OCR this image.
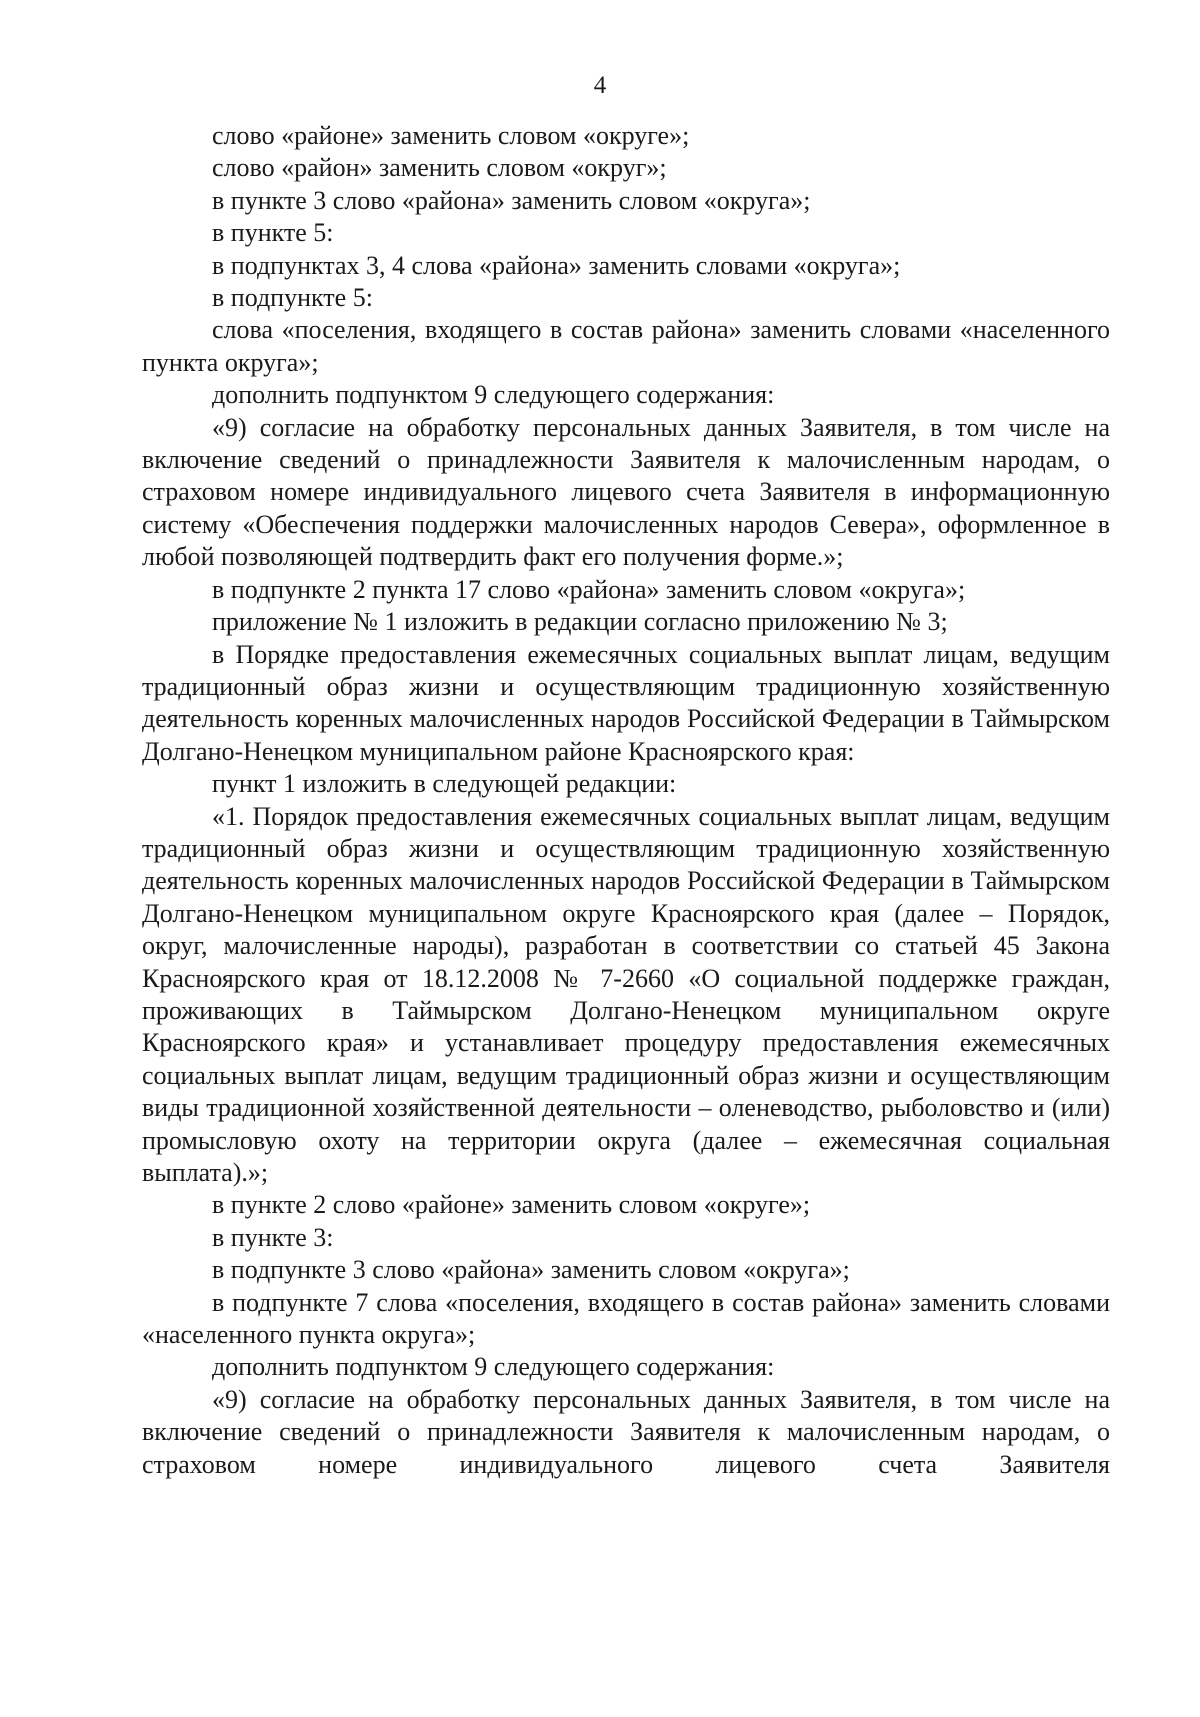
4

слово «районе» заменить словом «округе»;

слово «район» заменить словом «округ»;

в пункте 3 слово «района» заменить словом «округа»;

в пункте 5:

в подпунктах 3, 4 слова «района» заменить словами «округа»;

в подпункте 5:

слова «поселения, входящего в состав района» заменить словами «населенного пункта округа»;

дополнить подпунктом 9 следующего содержания:

«9) согласие на обработку персональных данных Заявителя, в том числе на включение сведений о принадлежности Заявителя к малочисленным народам, о страховом номере индивидуального лицевого счета Заявителя в информационную систему «Обеспечения поддержки малочисленных народов Севера», оформленное в любой позволяющей подтвердить факт его получения форме.»;

в подпункте 2 пункта 17 слово «района» заменить словом «округа»;

приложение № 1 изложить в редакции согласно приложению № 3;

в Порядке предоставления ежемесячных социальных выплат лицам, ведущим традиционный образ жизни и осуществляющим традиционную хозяйственную деятельность коренных малочисленных народов Российской Федерации в Таймырском Долгано-Ненецком муниципальном районе Красноярского края:

пункт 1 изложить в следующей редакции:

«1. Порядок предоставления ежемесячных социальных выплат лицам, ведущим традиционный образ жизни и осуществляющим традиционную хозяйственную деятельность коренных малочисленных народов Российской Федерации в Таймырском Долгано-Ненецком муниципальном округе Красноярского края (далее – Порядок, округ, малочисленные народы), разработан в соответствии со статьей 45 Закона Красноярского края от 18.12.2008 № 7-2660 «О социальной поддержке граждан, проживающих в Таймырском Долгано-Ненецком муниципальном округе Красноярского края» и устанавливает процедуру предоставления ежемесячных социальных выплат лицам, ведущим традиционный образ жизни и осуществляющим виды традиционной хозяйственной деятельности – оленеводство, рыболовство и (или) промысловую охоту на территории округа (далее – ежемесячная социальная выплата).»;

в пункте 2 слово «районе» заменить словом «округе»;

в пункте 3:

в подпункте 3 слово «района» заменить словом «округа»;

в подпункте 7 слова «поселения, входящего в состав района» заменить словами «населенного пункта округа»;

дополнить подпунктом 9 следующего содержания:

«9) согласие на обработку персональных данных Заявителя, в том числе на включение сведений о принадлежности Заявителя к малочисленным народам, о страховом номере индивидуального лицевого счета Заявителя
